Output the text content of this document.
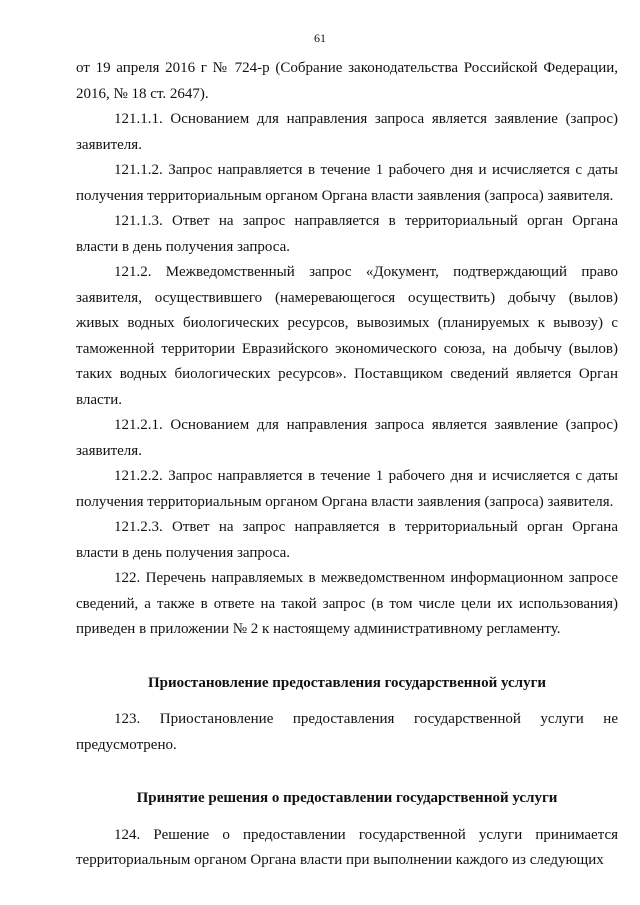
61

от 19 апреля 2016 г № 724-р (Собрание законодательства Российской Федерации, 2016, № 18 ст. 2647).

121.1.1. Основанием для направления запроса является заявление (запрос) заявителя.

121.1.2. Запрос направляется в течение 1 рабочего дня и исчисляется с даты получения территориальным органом Органа власти заявления (запроса) заявителя.

121.1.3. Ответ на запрос направляется в территориальный орган Органа власти в день получения запроса.

121.2. Межведомственный запрос «Документ, подтверждающий право заявителя, осуществившего (намеревающегося осуществить) добычу (вылов) живых водных биологических ресурсов, вывозимых (планируемых к вывозу) с таможенной территории Евразийского экономического союза, на добычу (вылов) таких водных биологических ресурсов». Поставщиком сведений является Орган власти.

121.2.1. Основанием для направления запроса является заявление (запрос) заявителя.

121.2.2. Запрос направляется в течение 1 рабочего дня и исчисляется с даты получения территориальным органом Органа власти заявления (запроса) заявителя.

121.2.3. Ответ на запрос направляется в территориальный орган Органа власти в день получения запроса.

122. Перечень направляемых в межведомственном информационном запросе сведений, а также в ответе на такой запрос (в том числе цели их использования) приведен в приложении № 2 к настоящему административному регламенту.

Приостановление предоставления государственной услуги

123. Приостановление предоставления государственной услуги не предусмотрено.

Принятие решения о предоставлении государственной услуги

124. Решение о предоставлении государственной услуги принимается территориальным органом Органа власти при выполнении каждого из следующих
